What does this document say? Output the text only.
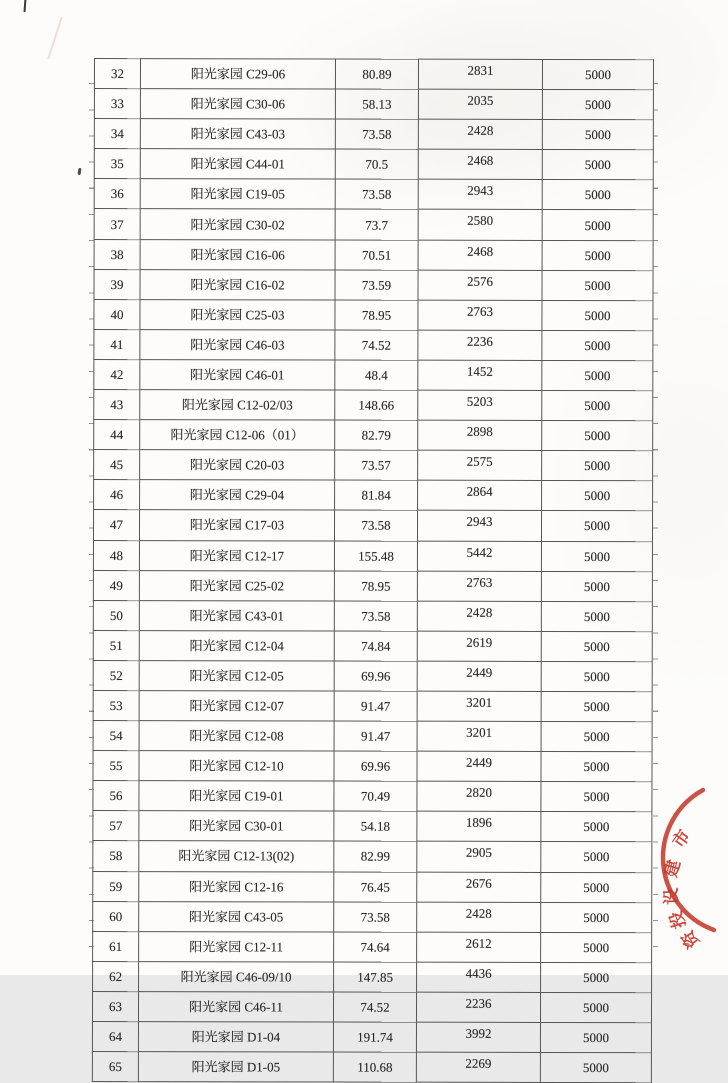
32	阳光家园 C29-06	80.89	2831	5000
33	阳光家园 C30-06	58.13	2035	5000
34	阳光家园 C43-03	73.58	2428	5000
35	阳光家园 C44-01	70.5	2468	5000
36	阳光家园 C19-05	73.58	2943	5000
37	阳光家园 C30-02	73.7	2580	5000
38	阳光家园 C16-06	70.51	2468	5000
39	阳光家园 C16-02	73.59	2576	5000
40	阳光家园 C25-03	78.95	2763	5000
41	阳光家园 C46-03	74.52	2236	5000
42	阳光家园 C46-01	48.4	1452	5000
43	阳光家园 C12-02/03	148.66	5203	5000
44	阳光家园 C12-06（01）	82.79	2898	5000
45	阳光家园 C20-03	73.57	2575	5000
46	阳光家园 C29-04	81.84	2864	5000
47	阳光家园 C17-03	73.58	2943	5000
48	阳光家园 C12-17	155.48	5442	5000
49	阳光家园 C25-02	78.95	2763	5000
50	阳光家园 C43-01	73.58	2428	5000
51	阳光家园 C12-04	74.84	2619	5000
52	阳光家园 C12-05	69.96	2449	5000
53	阳光家园 C12-07	91.47	3201	5000
54	阳光家园 C12-08	91.47	3201	5000
55	阳光家园 C12-10	69.96	2449	5000
56	阳光家园 C19-01	70.49	2820	5000
57	阳光家园 C30-01	54.18	1896	5000
58	阳光家园 C12-13(02)	82.99	2905	5000
59	阳光家园 C12-16	76.45	2676	5000
60	阳光家园 C43-05	73.58	2428	5000
61	阳光家园 C12-11	74.64	2612	5000
62	阳光家园 C46-09/10	147.85	4436	5000
63	阳光家园 C46-11	74.52	2236	5000
64	阳光家园 D1-04	191.74	3992	5000
65	阳光家园 D1-05	110.68	2269	5000
市
建
设
投
资
